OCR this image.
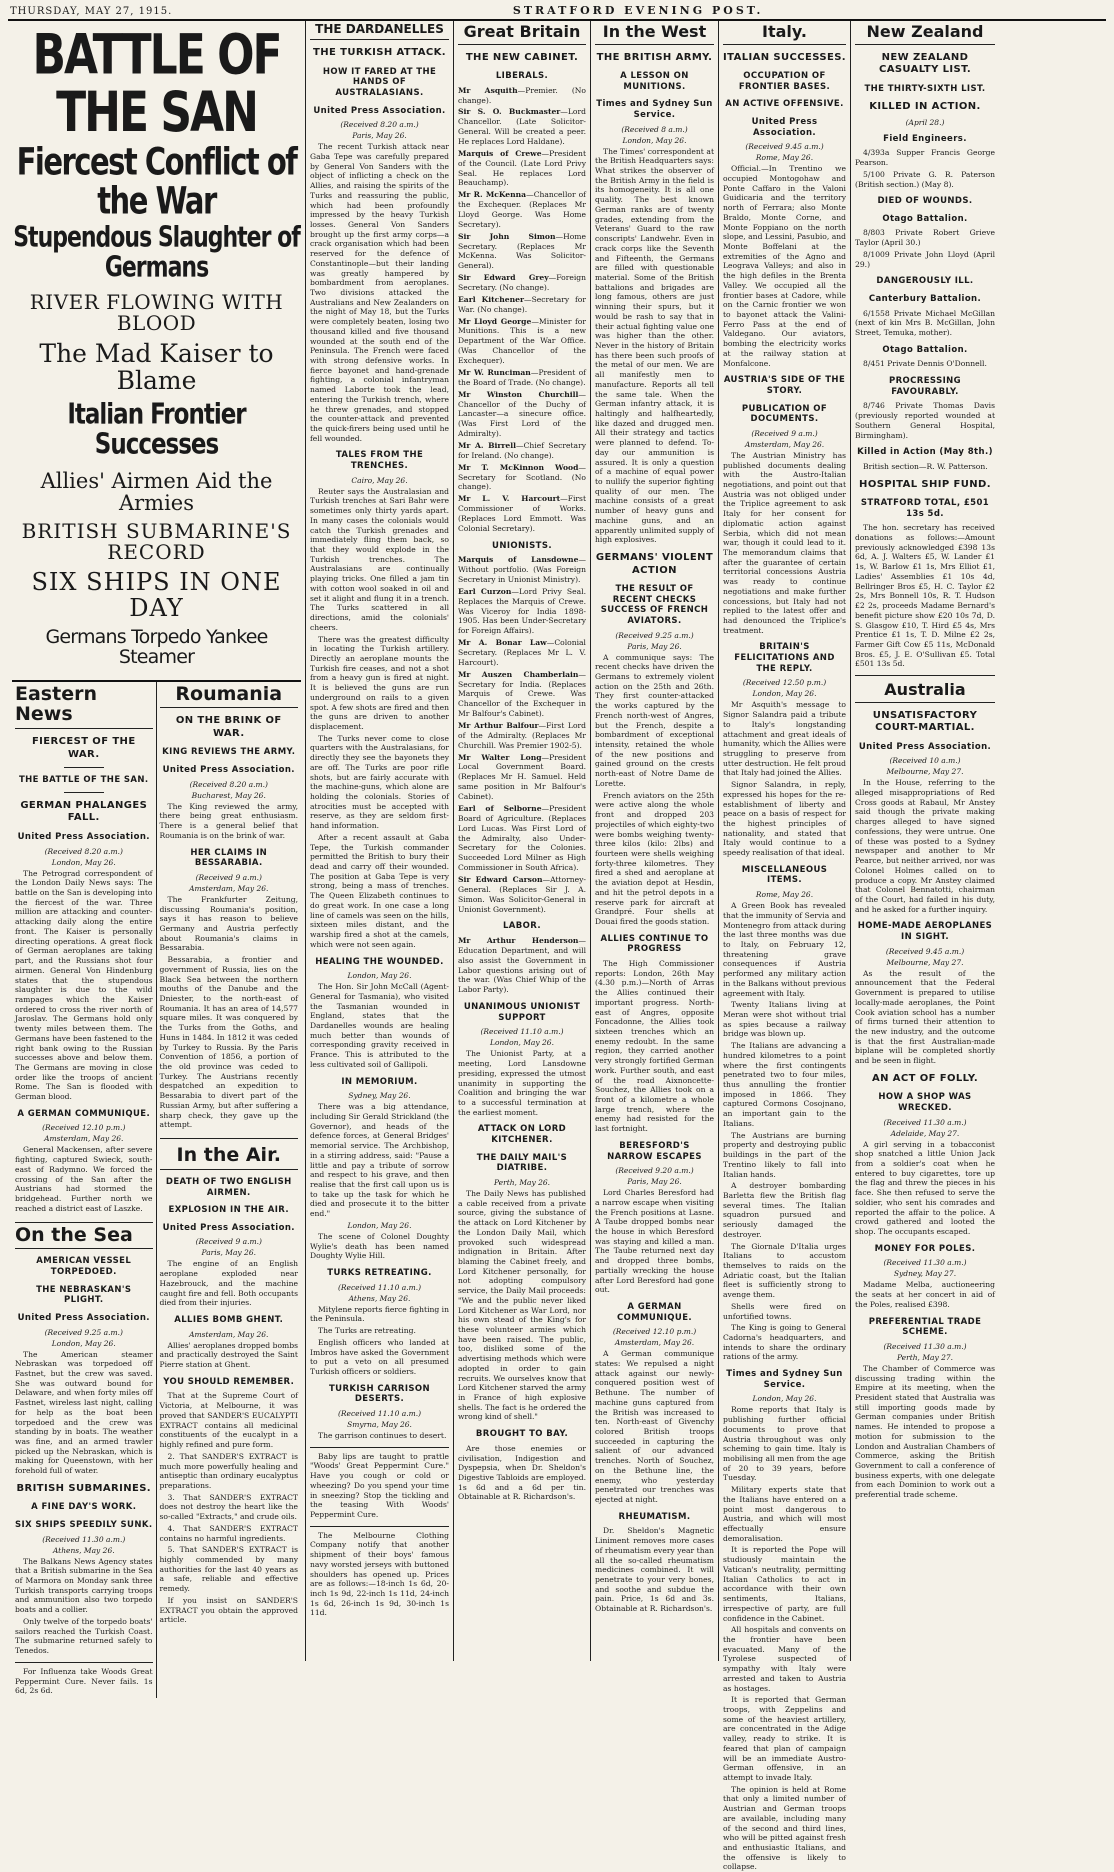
THURSDAY, MAY 27, 1915.	STRATFORD EVENING POST.
BATTLE OF THE SAN
Fiercest Conflict of the War
Stupendous Slaughter of Germans
RIVER FLOWING WITH BLOOD
The Mad Kaiser to Blame
Italian Frontier Successes
Allies' Airmen Aid the Armies
BRITISH SUBMARINE'S RECORD
SIX SHIPS IN ONE DAY
Germans Torpedo Yankee Steamer
Eastern News
FIERCEST OF THE WAR.
THE BATTLE OF THE SAN.
GERMAN PHALANGES FALL.
United Press Association.
(Received 8.20 a.m.)
London, May 26.
The Petrograd correspondent of the London Daily News says: The battle on the San is developing into the fiercest of the war. Three million are attacking and counter-attacking daily along the entire front. The Kaiser is personally directing operations. A great flock of German aeroplanes are taking part, and the Russians shot four airmen. General Von Hindenburg states that the stupendous slaughter is due to the wild rampages which the Kaiser ordered to cross the river north of Jaroslav. The Germans hold only twenty miles between them. The Germans have been fastened to the right bank owing to the Russian successes above and below them. The Germans are moving in close order like the troops of ancient Rome. The San is flooded with German blood.
A GERMAN COMMUNIQUE.
(Received 12.10 p.m.)
Amsterdam, May 26.
General Mackensen, after severe fighting, captured Swieck, south-east of Radymno. We forced the crossing of the San after the Austrians had stormed the bridgehead. Further north we reached a district east of Laszke.
On the Sea
AMERICAN VESSEL TORPEDOED.
THE NEBRASKAN'S PLIGHT.
United Press Association.
(Received 9.25 a.m.)
London, May 26.
The American steamer Nebraskan was torpedoed off Fastnet, but the crew was saved. She was outward bound for Delaware, and when forty miles off Fastnet, wireless last night, calling for help as the boat been torpedoed and the crew was standing by in boats. The weather was fine, and an armed trawler picked up the Nebraskan, which is making for Queenstown, with her forehold full of water.
BRITISH SUBMARINES.
A FINE DAY'S WORK.
SIX SHIPS SPEEDILY SUNK.
(Received 11.30 a.m.)
Athens, May 26.
The Balkans News Agency states that a British submarine in the Sea of Marmora on Monday sank three Turkish transports carrying troops and ammunition also two torpedo boats and a collier.
Only twelve of the torpedo boats' sailors reached the Turkish Coast. The submarine returned safely to Tenedos.
For Influenza take Woods Great Peppermint Cure. Never fails. 1s 6d, 2s 6d.
Roumania
ON THE BRINK OF WAR.
KING REVIEWS THE ARMY.
United Press Association.
(Received 8.20 a.m.)
Bucharest, May 26.
The King reviewed the army, there being great enthusiasm. There is a general belief that Roumania is on the brink of war.
HER CLAIMS IN BESSARABIA.
(Received 9 a.m.)
Amsterdam, May 26.
The Frankfurter Zeitung, discussing Roumania's position, says it has reason to believe Germany and Austria perfectly about Roumania's claims in Bessarabia.
Bessarabia, a frontier and government of Russia, lies on the Black Sea between the northern mouths of the Danube and the Dniester, to the north-east of Roumania. It has an area of 14,577 square miles. It was conquered by the Turks from the Goths, and Huns in 1484. In 1812 it was ceded by Turkey to Russia. By the Paris Convention of 1856, a portion of the old province was ceded to Turkey. The Austrians recently despatched an expedition to Bessarabia to divert part of the Russian Army, but after suffering a sharp check, they gave up the attempt.
In the Air.
DEATH OF TWO ENGLISH AIRMEN.
EXPLOSION IN THE AIR.
United Press Association.
(Received 9 a.m.)
Paris, May 26.
The engine of an English aeroplane exploded near Hazebrouck, and the machine caught fire and fell. Both occupants died from their injuries.
ALLIES BOMB GHENT.
Amsterdam, May 26.
Allies' aeroplanes dropped bombs and practically destroyed the Saint Pierre station at Ghent.
YOU SHOULD REMEMBER.
That at the Supreme Court of Victoria, at Melbourne, it was proved that SANDER'S EUCALYPTI EXTRACT contains all medicinal constituents of the eucalypt in a highly refined and pure form.
2. That SANDER'S EXTRACT is much more powerfully healing and antiseptic than ordinary eucalyptus preparations.
3. That SANDER'S EXTRACT does not destroy the heart like the so-called "Extracts," and crude oils.
4. That SANDER'S EXTRACT contains no harmful ingredients.
5. That SANDER'S EXTRACT is highly commended by many authorities for the last 40 years as a safe, reliable and effective remedy.
If you insist on SANDER'S EXTRACT you obtain the approved article.
THE DARDANELLES
THE TURKISH ATTACK.
HOW IT FARED AT THE HANDS OF AUSTRALASIANS.
United Press Association.
(Received 8.20 a.m.)
Paris, May 26.
The recent Turkish attack near Gaba Tepe was carefully prepared by General Von Sanders with the object of inflicting a check on the Allies, and raising the spirits of the Turks and reassuring the public, which had been profoundly impressed by the heavy Turkish losses. General Von Sanders brought up the first army corps—a crack organisation which had been reserved for the defence of Constantinople—but their landing was greatly hampered by bombardment from aeroplanes. Two divisions attacked the Australians and New Zealanders on the night of May 18, but the Turks were completely beaten, losing two thousand killed and five thousand wounded at the south end of the Peninsula. The French were faced with strong defensive works. In fierce bayonet and hand-grenade fighting, a colonial infantryman named Laborte took the lead, entering the Turkish trench, where he threw grenades, and stopped the counter-attack and prevented the quick-firers being used until he fell wounded.
TALES FROM THE TRENCHES.
Cairo, May 26.
Reuter says the Australasian and Turkish trenches at Sari Bahr were sometimes only thirty yards apart. In many cases the colonials would catch the Turkish grenades and immediately fling them back, so that they would explode in the Turkish trenches. The Australasians are continually playing tricks. One filled a jam tin with cotton wool soaked in oil and set it alight and flung it in a trench. The Turks scattered in all directions, amid the colonials' cheers.
There was the greatest difficulty in locating the Turkish artillery. Directly an aeroplane mounts the Turkish fire ceases, and not a shot from a heavy gun is fired at night. It is believed the guns are run underground on rails to a given spot. A few shots are fired and then the guns are driven to another displacement.
The Turks never come to close quarters with the Australasians, for directly they see the bayonets they are off. The Turks are poor rifle shots, but are fairly accurate with the machine-guns, which alone are holding the colonials. Stories of atrocities must be accepted with reserve, as they are seldom first-hand information.
After a recent assault at Gaba Tepe, the Turkish commander permitted the British to bury their dead and carry off their wounded. The position at Gaba Tepe is very strong, being a mass of trenches. The Queen Elizabeth continues to do great work. In one case a long line of camels was seen on the hills, sixteen miles distant, and the warship fired a shot at the camels, which were not seen again.
HEALING THE WOUNDED.
London, May 26.
The Hon. Sir John McCall (Agent-General for Tasmania), who visited the Tasmanian wounded in England, states that the Dardanelles wounds are healing much better than wounds of corresponding gravity received in France. This is attributed to the less cultivated soil of Gallipoli.
IN MEMORIUM.
Sydney, May 26.
There was a big attendance, including Sir Gerald Strickland (the Governor), and heads of the defence forces, at General Bridges' memorial service. The Archbishop, in a stirring address, said: "Pause a little and pay a tribute of sorrow and respect to his grave, and then realise that the first call upon us is to take up the task for which he died and prosecute it to the bitter end."
London, May 26.
The scene of Colonel Doughty Wylie's death has been named Doughty Wylie Hill.
TURKS RETREATING.
(Received 11.10 a.m.)
Athens, May 26.
Mitylene reports fierce fighting in the Peninsula.
The Turks are retreating.
English officers who landed at Imbros have asked the Government to put a veto on all presumed Turkish officers or soldiers.
TURKISH CARRISON DESERTS.
(Received 11.10 a.m.)
Smyrna, May 26.
The garrison continues to desert.
Baby lips are taught to prattle "Woods' Great Peppermint Cure." Have you cough or cold or wheezing? Do you spend your time in sneezing? Stop the tickling and the teasing With Woods' Peppermint Cure.
The Melbourne Clothing Company notify that another shipment of their boys' famous navy worsted jerseys with buttoned shoulders has opened up. Prices are as follows:—18-inch 1s 6d, 20-inch 1s 9d, 22-inch 1s 11d, 24-inch 1s 6d, 26-inch 1s 9d, 30-inch 1s 11d.
Great Britain
THE NEW CABINET.
LIBERALS.
Mr Asquith—Premier. (No change).
Sir S. O. Buckmaster—Lord Chancellor. (Late Solicitor-General. Will be created a peer. He replaces Lord Haldane).
Marquis of Crewe—President of the Council. (Late Lord Privy Seal. He replaces Lord Beauchamp).
Mr R. McKenna—Chancellor of the Exchequer. (Replaces Mr Lloyd George. Was Home Secretary).
Sir John Simon—Home Secretary. (Replaces Mr McKenna. Was Solicitor-General).
Sir Edward Grey—Foreign Secretary. (No change).
Earl Kitchener—Secretary for War. (No change).
Mr Lloyd George—Minister for Munitions. This is a new Department of the War Office. (Was Chancellor of the Exchequer).
Mr W. Runciman—President of the Board of Trade. (No change).
Mr Winston Churchill—Chancellor of the Duchy of Lancaster—a sinecure office. (Was First Lord of the Admiralty).
Mr A. Birrell—Chief Secretary for Ireland. (No change).
Mr T. McKinnon Wood—Secretary for Scotland. (No change).
Mr L. V. Harcourt—First Commissioner of Works. (Replaces Lord Emmott. Was Colonial Secretary).
UNIONISTS.
Marquis of Lansdowne—Without portfolio. (Was Foreign Secretary in Unionist Ministry).
Earl Curzon—Lord Privy Seal. Replaces the Marquis of Crewe. Was Viceroy for India 1898-1905. Has been Under-Secretary for Foreign Affairs).
Mr A. Bonar Law—Colonial Secretary. (Replaces Mr L. V. Harcourt).
Mr Auszen Chamberlain—Secretary for India. (Replaces Marquis of Crewe. Was Chancellor of the Exchequer in Mr Balfour's Cabinet).
Mr Arthur Balfour—First Lord of the Admiralty. (Replaces Mr Churchill. Was Premier 1902-5).
Mr Walter Long—President Local Government Board. (Replaces Mr H. Samuel. Held same position in Mr Balfour's Cabinet).
Earl of Selborne—President Board of Agriculture. (Replaces Lord Lucas. Was First Lord of the Admiralty, also Under-Secretary for the Colonies. Succeeded Lord Milner as High Commissioner in South Africa).
Sir Edward Carson—Attorney-General. (Replaces Sir J. A. Simon. Was Solicitor-General in Unionist Government).
LABOR.
Mr Arthur Henderson—Education Department, and will also assist the Government in Labor questions arising out of the war. (Was Chief Whip of the Labor Party).
UNANIMOUS UNIONIST SUPPORT
(Received 11.10 a.m.)
London, May 26.
The Unionist Party, at a meeting, Lord Lansdowne presiding, expressed the utmost unanimity in supporting the Coalition and bringing the war to a successful termination at the earliest moment.
ATTACK ON LORD KITCHENER.
THE DAILY MAIL'S DIATRIBE.
Perth, May 26.
The Daily News has published a cable received from a private source, giving the substance of the attack on Lord Kitchener by the London Daily Mail, which provoked such widespread indignation in Britain. After blaming the Cabinet freely, and Lord Kitchener personally, for not adopting compulsory service, the Daily Mail proceeds: "We and the public never liked Lord Kitchener as War Lord, nor his own stead of the King's for these volunteer armies which have been raised. The public, too, disliked some of the advertising methods which were adopted in order to gain recruits. We ourselves know that Lord Kitchener starved the army in France of high explosive shells. The fact is he ordered the wrong kind of shell."
BROUGHT TO BAY.
Are those enemies or civilisation, Indigestion and Dyspepsia, when Dr. Sheldon's Digestive Tabloids are employed. 1s 6d and a 6d per tin. Obtainable at R. Richardson's.
In the West
THE BRITISH ARMY.
A LESSON ON MUNITIONS.
Times and Sydney Sun Service.
(Received 8 a.m.)
London, May 26.
The Times' correspondent at the British Headquarters says: What strikes the observer of the British Army in the field is its homogeneity. It is all one quality. The best known German ranks are of twenty grades, extending from the Veterans' Guard to the raw conscripts' Landwehr. Even in crack corps like the Seventh and Fifteenth, the Germans are filled with questionable material. Some of the British battalions and brigades are long famous, others are just winning their spurs, but it would be rash to say that in their actual fighting value one was higher than the other. Never in the history of Britain has there been such proofs of the metal of our men. We are all manifestly men to manufacture. Reports all tell the same tale. When the German infantry attack, it is haltingly and halfheartedly, like dazed and drugged men. All their strategy and tactics were planned to defend. To-day our ammunition is assured. It is only a question of a machine of equal power to nullify the superior fighting quality of our men. The machine consists of a great number of heavy guns and machine guns, and an apparently unlimited supply of high explosives.
GERMANS' VIOLENT ACTION
THE RESULT OF RECENT CHECKS SUCCESS OF FRENCH AVIATORS.
(Received 9.25 a.m.)
Paris, May 26.
A communique says: The recent checks have driven the Germans to extremely violent action on the 25th and 26th. They first counter-attacked the works captured by the French north-west of Angres, but the French, despite a bombardment of exceptional intensity, retained the whole of the new positions and gained ground on the crests north-east of Notre Dame de Lorette.
French aviators on the 25th were active along the whole front and dropped 203 projectiles of which eighty-two were bombs weighing twenty-three kilos (kilo: 2lbs) and fourteen were shells weighing forty-three kilometres. They fired a shed and aeroplane at the aviation depot at Hesdin, and hit the petrol depots in a reserve park for aircraft at Grandpré. Four shells at Douai fired the goods station.
ALLIES CONTINUE TO PROGRESS
The High Commissioner reports: London, 26th May (4.30 p.m.)—North of Arras the Allies continued their important progress. North-east of Angres, opposite Foncadonne, the Allies took sixteen trenches which an enemy redoubt. In the same region, they carried another very strongly fortified German work. Further south, and east of the road Aixnoncette-Souchez, the Allies took on a front of a kilometre a whole large trench, where the enemy had resisted for the last fortnight.
BERESFORD'S NARROW ESCAPES
(Received 9.20 a.m.)
Paris, May 26.
Lord Charles Beresford had a narrow escape when visiting the French positions at Lasne. A Taube dropped bombs near the house in which Beresford was staying and killed a man. The Taube returned next day and dropped three bombs, partially wrecking the house after Lord Beresford had gone out.
A GERMAN COMMUNIQUE.
(Received 12.10 p.m.)
Amsterdam, May 26.
A German communique states: We repulsed a night attack against our newly-conquered position west of Bethune. The number of machine guns captured from the British was increased to ten. North-east of Givenchy colored British troops succeeded in capturing the salient of our advanced trenches. North of Souchez, on the Bethune line, the enemy, who yesterday penetrated our trenches was ejected at night.
RHEUMATISM.
Dr. Sheldon's Magnetic Liniment removes more cases of rheumatism every year than all the so-called rheumatism medicines combined. It will penetrate to your very bones, and soothe and subdue the pain. Price, 1s 6d and 3s. Obtainable at R. Richardson's.
Italy.
ITALIAN SUCCESSES.
OCCUPATION OF FRONTIER BASES.
AN ACTIVE OFFENSIVE.
United Press Association.
(Received 9.45 a.m.)
Rome, May 26.
Official.—In Trentino we occupied Montogohaw and Ponte Caffaro in the Valoni Guidicaria and the territory north of Ferrara; also Monte Braldo, Monte Corne, and Monte Foppiano on the north slope, and Lessini, Pasubio, and Monte Boffelani at the extremities of the Agno and Leograva Valleys; and also in the high defiles in the Brenta Valley. We occupied all the frontier bases at Cadore, while on the Carnic frontier we won to bayonet attack the Valini-Ferro Pass at the end of Valdegano. Our aviators, bombing the electricity works at the railway station at Monfalcone.
AUSTRIA'S SIDE OF THE STORY.
PUBLICATION OF DOCUMENTS.
(Received 9 a.m.)
Amsterdam, May 26.
The Austrian Ministry has published documents dealing with the Austro-Italian negotiations, and point out that Austria was not obliged under the Triplice agreement to ask Italy for her consent for diplomatic action against Serbia, which did not mean war, though it could lead to it. The memorandum claims that after the guarantee of certain territorial concessions Austria was ready to continue negotiations and make further concessions, but Italy had not replied to the latest offer and had denounced the Triplice's treatment.
BRITAIN'S FELICITATIONS AND THE REPLY.
(Received 12.50 p.m.)
London, May 26.
Mr Asquith's message to Signor Salandra paid a tribute to Italy's longstanding attachment and great ideals of humanity, which the Allies were struggling to preserve from utter destruction. He felt proud that Italy had joined the Allies.
Signor Salandra, in reply, expressed his hopes for the re-establishment of liberty and peace on a basis of respect for the highest principles of nationality, and stated that Italy would continue to a speedy realisation of that ideal.
MISCELLANEOUS ITEMS.
Rome, May 26.
A Green Book has revealed that the immunity of Servia and Montenegro from attack during the last three months was due to Italy, on February 12, threatening grave consequences if Austria performed any military action in the Balkans without previous agreement with Italy.
Twenty Italians living at Meran were shot without trial as spies because a railway bridge was blown up.
The Italians are advancing a hundred kilometres to a point where the first contingents penetrated two to four miles, thus annulling the frontier imposed in 1866. They captured Cormons Cosojnano, an important gain to the Italians.
The Austrians are burning property and destroying public buildings in the part of the Trentino likely to fall into Italian hands.
A destroyer bombarding Barletta flew the British flag several times. The Italian squadron pursued and seriously damaged the destroyer.
The Giornale D'Italia urges Italians to accustom themselves to raids on the Adriatic coast, but the Italian fleet is sufficiently strong to avenge them.
Shells were fired on unfortified towns.
The King is going to General Cadorna's headquarters, and intends to share the ordinary rations of the army.
Times and Sydney Sun Service.
London, May 26.
Rome reports that Italy is publishing further official documents to prove that Austria throughout was only scheming to gain time. Italy is mobilising all men from the age of 20 to 39 years, before Tuesday.
Military experts state that the Italians have entered on a point most dangerous to Austria, and which will most effectually ensure demoralisation.
It is reported the Pope will studiously maintain the Vatican's neutrality, permitting Italian Catholics to act in accordance with their own sentiments, Italians, irrespective of party, are full confidence in the Cabinet.
All hospitals and convents on the frontier have been evacuated. Many of the Tyrolese suspected of sympathy with Italy were arrested and taken to Austria as hostages.
It is reported that German troops, with Zeppelins and some of the heaviest artillery, are concentrated in the Adige valley, ready to strike. It is feared that plan of campaign will be an immediate Austro-German offensive, in an attempt to invade Italy.
The opinion is held at Rome that only a limited number of Austrian and German troops are available, including many of the second and third lines, who will be pitted against fresh and enthusiastic Italians, and the offensive is likely to collapse.
New Zealand
NEW ZEALAND CASUALTY LIST.
THE THIRTY-SIXTH LIST.
KILLED IN ACTION.
(April 28.)
Field Engineers.
4/393a Supper Francis George Pearson.
5/100 Private G. R. Paterson (British section.) (May 8).
DIED OF WOUNDS.
Otago Battalion.
8/803 Private Robert Grieve Taylor (April 30.)
8/1009 Private John Lloyd (April 29.)
DANGEROUSLY ILL.
Canterbury Battalion.
6/1558 Private Michael McGillan (next of kin Mrs B. McGillan, John Street, Temuka, mother).
Otago Battalion.
8/451 Private Dennis O'Donnell.
PROCRESSING FAVOURABLY.
8/746 Private Thomas Davis (previously reported wounded at Southern General Hospital, Birmingham).
Killed in Action (May 8th.)
British section—R. W. Patterson.
HOSPITAL SHIP FUND.
STRATFORD TOTAL, £501 13s 5d.
The hon. secretary has received donations as follows:—Amount previously acknowledged £398 13s 6d, A. J. Walters £5, W. Lander £1 1s, W. Barlow £1 1s, Mrs Elliot £1, Ladies' Assemblies £1 10s 4d, Bellringer Bros £5, H. C. Taylor £2 2s, Mrs Bonnell 10s, R. T. Hudson £2 2s, proceeds Madame Bernard's benefit picture show £20 10s 7d, D. S. Glasgow £10, T. Hird £5 4s, Mrs Prentice £1 1s, T. D. Milne £2 2s, Farmer Gift Cow £5 11s, McDonald Bros. £5, J. E. O'Sullivan £5. Total £501 13s 5d.
Australia
UNSATISFACTORY COURT-MARTIAL.
United Press Association.
(Received 10 a.m.)
Melbourne, May 27.
In the House, referring to the alleged misappropriations of Red Cross goods at Rabaul, Mr Anstey said though the private making charges alleged to have signed confessions, they were untrue. One of these was posted to a Sydney newspaper and another to Mr Pearce, but neither arrived, nor was Colonel Holmes called on to produce a copy. Mr Anstey claimed that Colonel Bennatotti, chairman of the Court, had failed in his duty, and he asked for a further inquiry.
HOME-MADE AEROPLANES IN SIGHT.
(Received 9.45 a.m.)
Melbourne, May 27.
As the result of the announcement that the Federal Government is prepared to utilise locally-made aeroplanes, the Point Cook aviation school has a number of firms turned their attention to the new industry, and the outcome is that the first Australian-made biplane will be completed shortly and be seen in flight.
AN ACT OF FOLLY.
HOW A SHOP WAS WRECKED.
(Received 11.30 a.m.)
Adelaide, May 27.
A girl serving in a tobacconist shop snatched a little Union Jack from a soldier's coat when he entered to buy cigarettes, tore up the flag and threw the pieces in his face. She then refused to serve the soldier, who sent his comrades and reported the affair to the police. A crowd gathered and looted the shop. The occupants escaped.
MONEY FOR POLES.
(Received 11.30 a.m.)
Sydney, May 27.
Madame Melba, auctioneering the seats at her concert in aid of the Poles, realised £398.
PREFERENTIAL TRADE SCHEME.
(Received 11.30 a.m.)
Perth, May 27.
The Chamber of Commerce was discussing trading within the Empire at its meeting, when the President stated that Australia was still importing goods made by German companies under British names. He intended to propose a motion for submission to the London and Australian Chambers of Commerce, asking the British Government to call a conference of business experts, with one delegate from each Dominion to work out a preferential trade scheme.
